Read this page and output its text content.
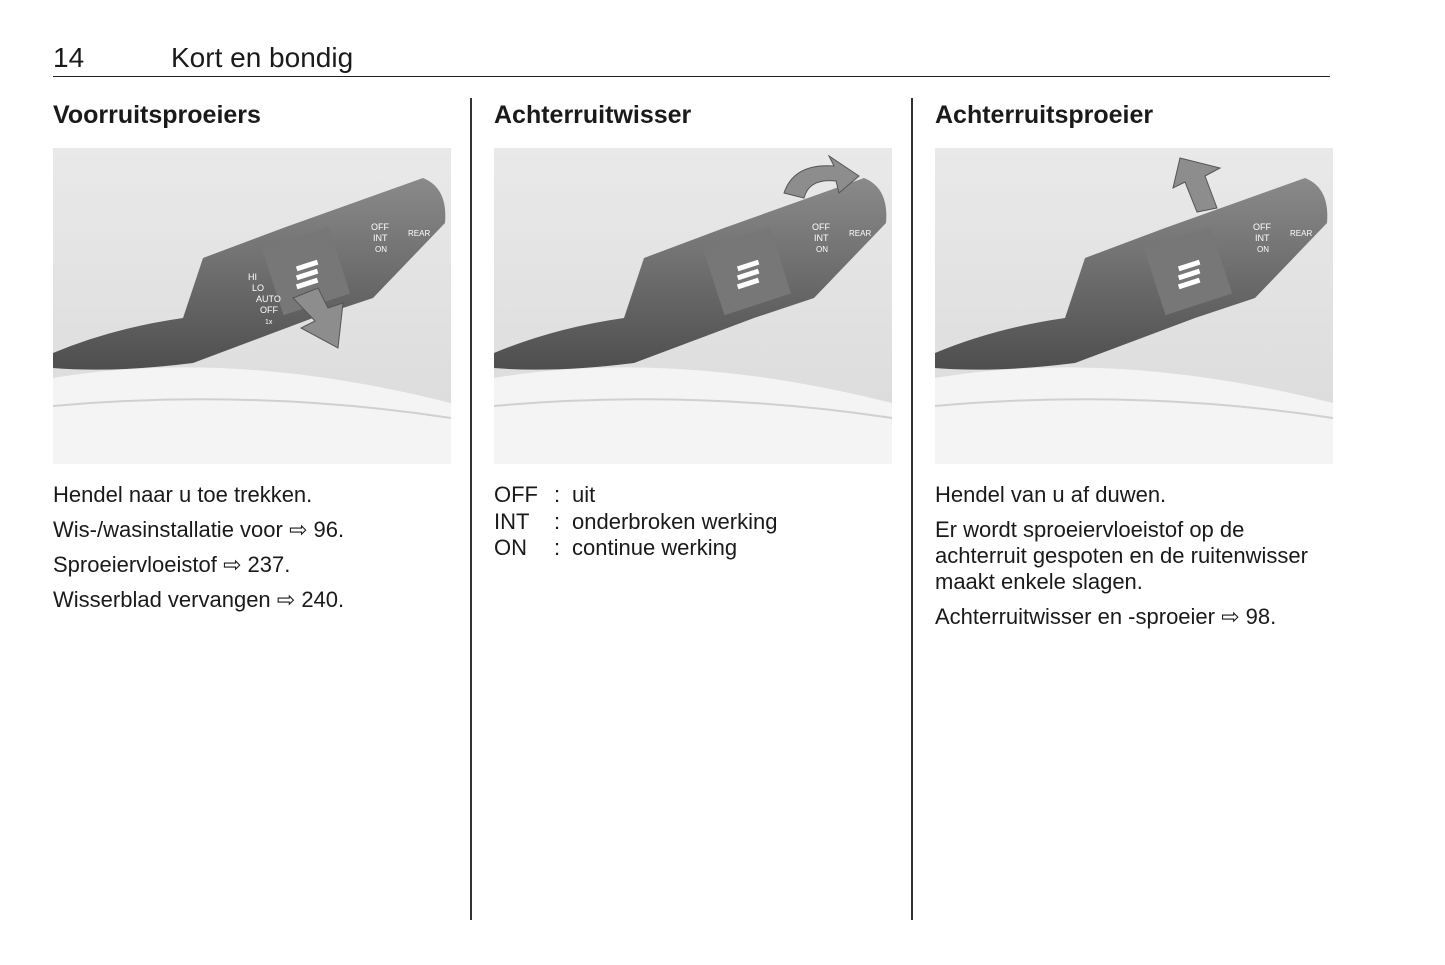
14	Kort en bondig
Voorruitsproeiers
HI
LO
AUTO
OFF
1x
OFF
INT
ON
REAR

Hendel naar u toe trekken.

Wis-/wasinstallatie voor ⇨ 96.

Sproeiervloeistof ⇨ 237.

Wisserblad vervangen ⇨ 240.

Achterruitwisser
OFF
INT
ON
REAR
OFF : uit
INT	: onderbroken werking
ON	: continue werking
Achterruitsproeier
OFF
INT
ON
REAR

Hendel van u af duwen.

Er wordt sproeiervloeistof op de achterruit gespoten en de ruitenwisser maakt enkele slagen.

Achterruitwisser en -sproeier ⇨ 98.
